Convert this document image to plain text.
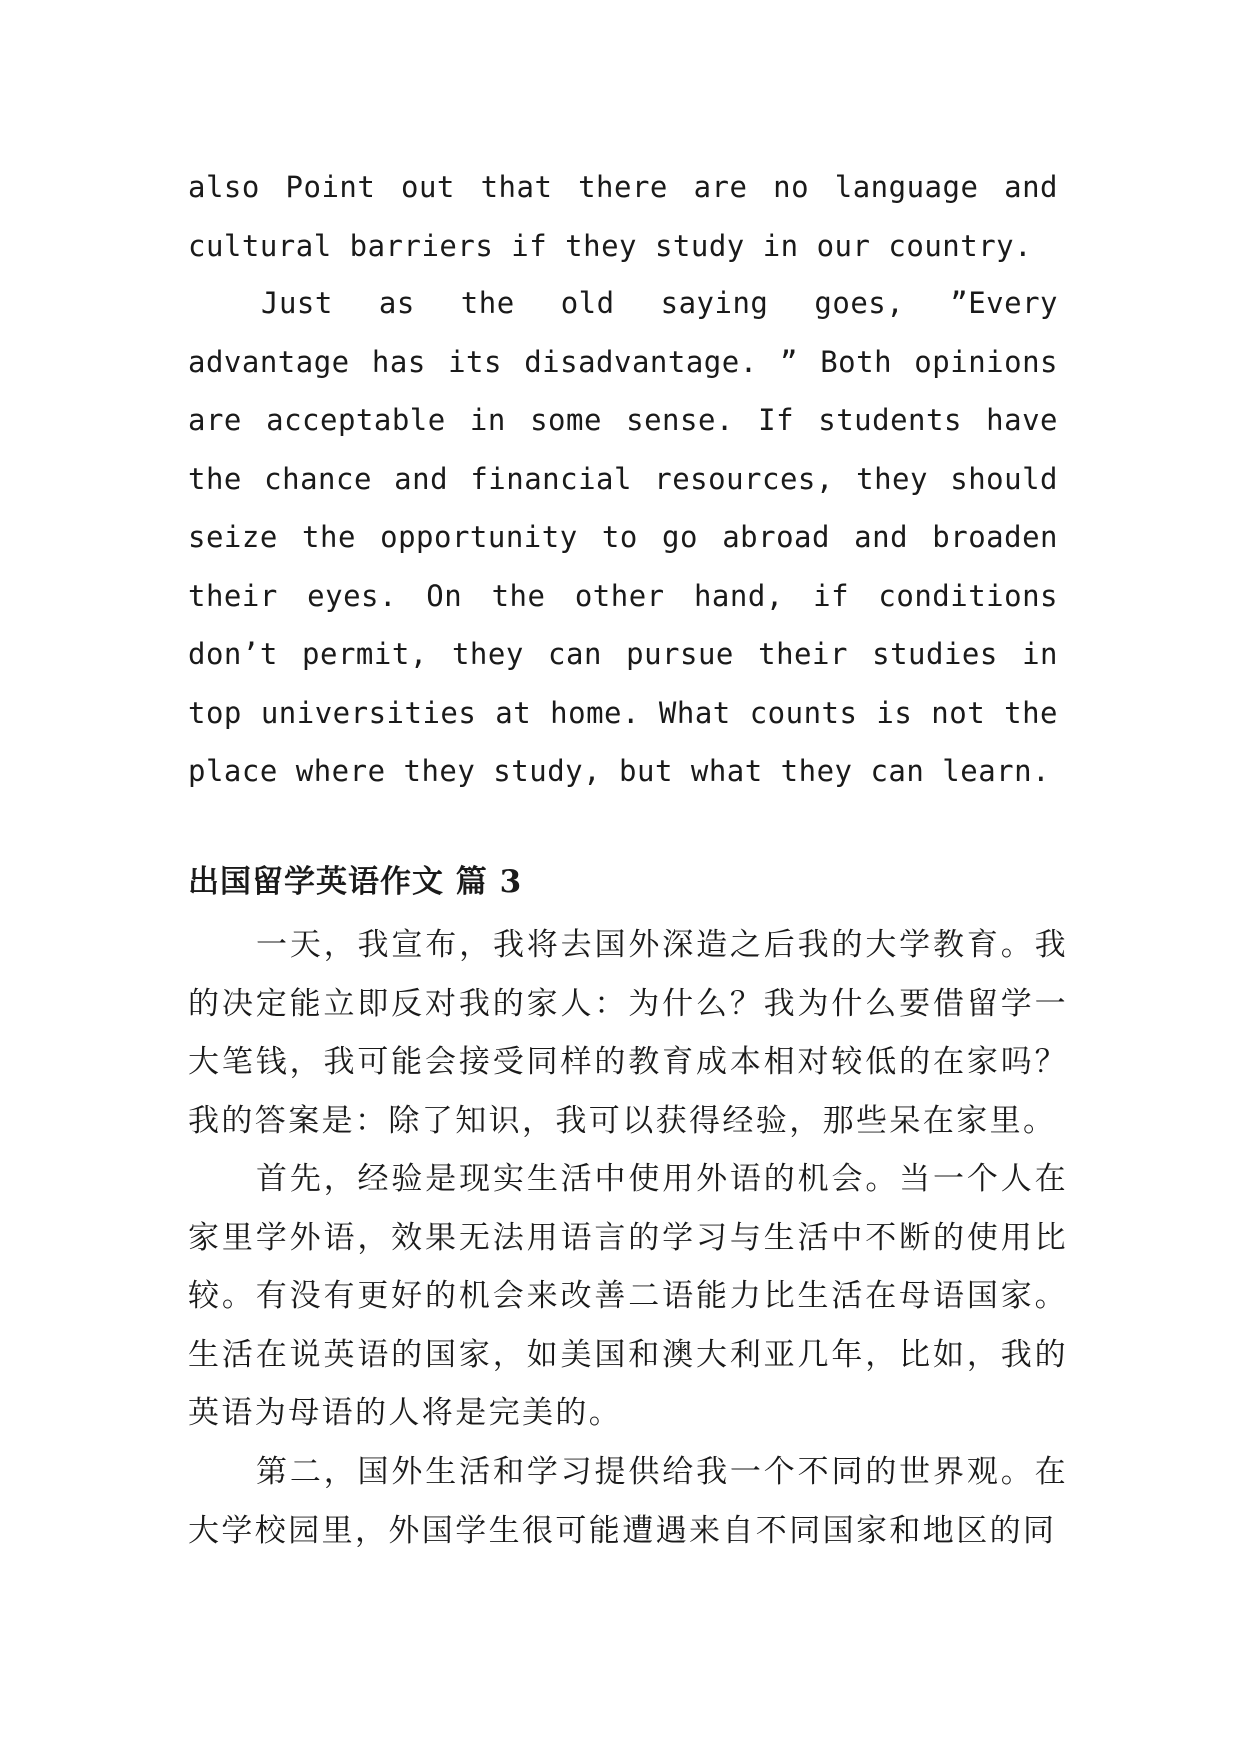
also Point out that there are no language and cultural barriers if they study in our country.

Just as the old saying goes, ”Every advantage has its disadvantage. ” Both opinions are acceptable in some sense. If students have the chance and financial resources, they should seize the opportunity to go abroad and broaden their eyes. On the other hand, if conditions don’t permit, they can pursue their studies in top universities at home. What counts is not the place where they study, but what they can learn.

出国留学英语作文 篇 3

一天，我宣布，我将去国外深造之后我的大学教育。我的决定能立即反对我的家人：为什么？我为什么要借留学一大笔钱，我可能会接受同样的教育成本相对较低的在家吗？我的答案是：除了知识，我可以获得经验，那些呆在家里。

首先，经验是现实生活中使用外语的机会。当一个人在家里学外语，效果无法用语言的学习与生活中不断的使用比较。有没有更好的机会来改善二语能力比生活在母语国家。生活在说英语的国家，如美国和澳大利亚几年，比如，我的英语为母语的人将是完美的。

第二，国外生活和学习提供给我一个不同的世界观。在大学校园里，外国学生很可能遭遇来自不同国家和地区的同
